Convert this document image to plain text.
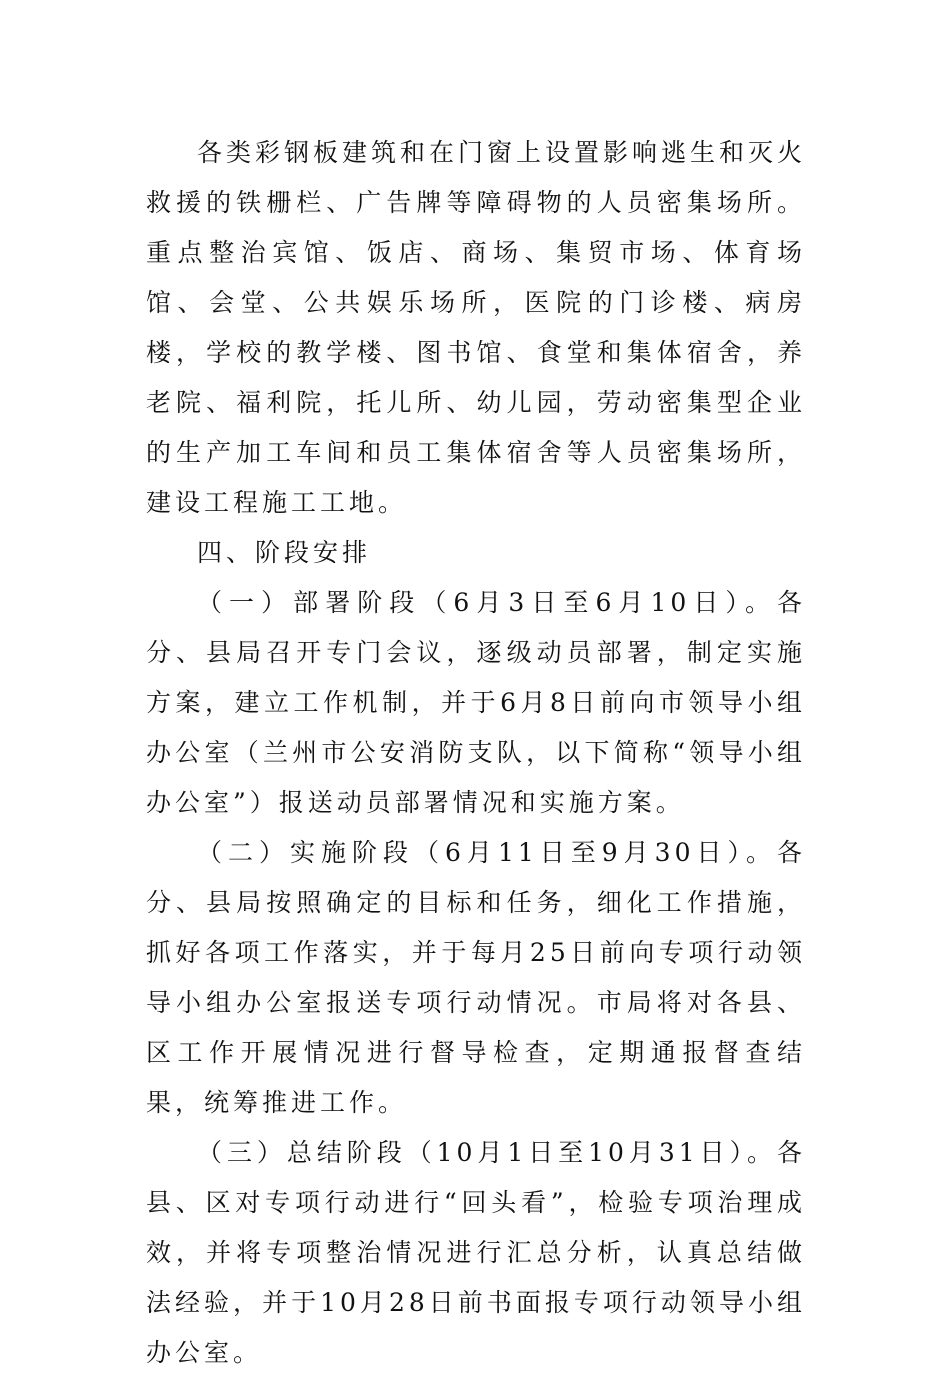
各类彩钢板建筑和在门窗上设置影响逃生和灭火救援的铁栅栏、广告牌等障碍物的人员密集场所。重点整治宾馆、饭店、商场、集贸市场、体育场馆、会堂、公共娱乐场所，医院的门诊楼、病房楼，学校的教学楼、图书馆、食堂和集体宿舍，养老院、福利院，托儿所、幼儿园，劳动密集型企业的生产加工车间和员工集体宿舍等人员密集场所，建设工程施工工地。

四、阶段安排

（一）部署阶段（6月3日至6月10日）。各分、县局召开专门会议，逐级动员部署，制定实施方案，建立工作机制，并于6月8日前向市领导小组办公室（兰州市公安消防支队，以下简称“领导小组办公室”）报送动员部署情况和实施方案。

（二）实施阶段（6月11日至9月30日）。各分、县局按照确定的目标和任务，细化工作措施，抓好各项工作落实，并于每月25日前向专项行动领导小组办公室报送专项行动情况。市局将对各县、区工作开展情况进行督导检查，定期通报督查结果，统筹推进工作。

（三）总结阶段（10月1日至10月31日）。各县、区对专项行动进行“回头看”，检验专项治理成效，并将专项整治情况进行汇总分析，认真总结做法经验，并于10月28日前书面报专项行动领导小组办公室。
